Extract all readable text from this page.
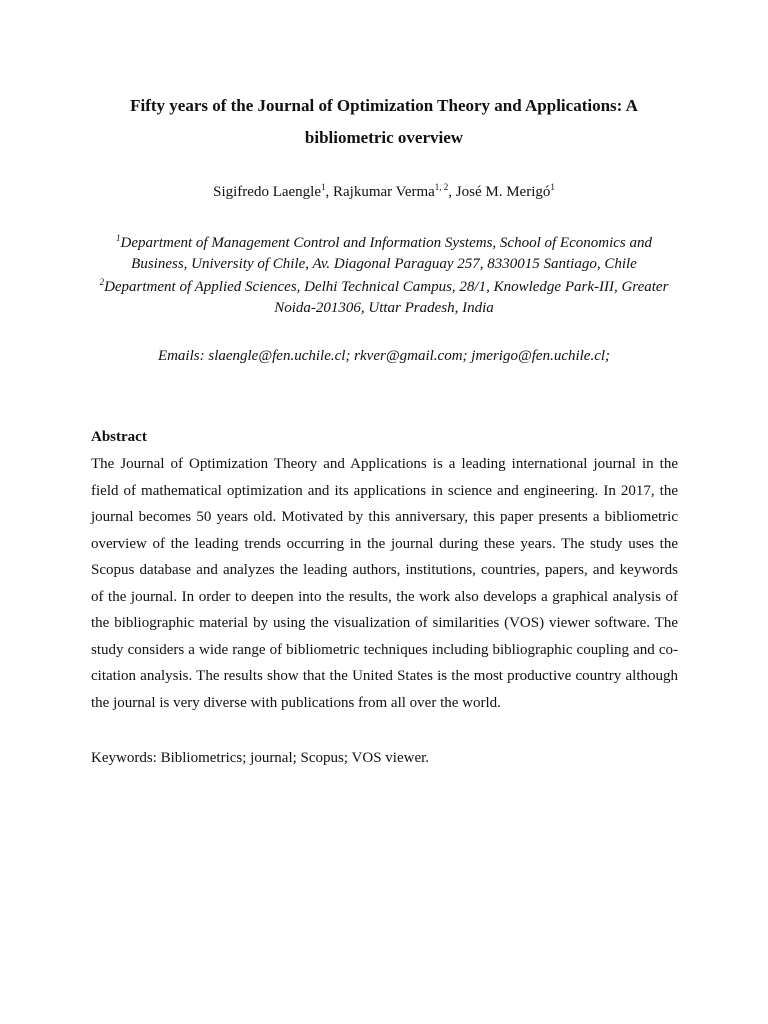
Fifty years of the Journal of Optimization Theory and Applications: A
bibliometric overview
Sigifredo Laengle$^1$, Rajkumar Verma$^{1, 2}$, José M. Merigó$^1$
$^1$Department of Management Control and Information Systems, School of Economics and
Business, University of Chile, Av. Diagonal Paraguay 257, 8330015 Santiago, Chile
$^2$Department of Applied Sciences, Delhi Technical Campus, 28/1, Knowledge Park-III, Greater
Noida-201306, Uttar Pradesh, India
Emails: slaengle@fen.uchile.cl; rkver@gmail.com; jmerigo@fen.uchile.cl;
Abstract
The Journal of Optimization Theory and Applications is a leading international journal in the
field of mathematical optimization and its applications in science and engineering. In 2017, the
journal becomes 50 years old. Motivated by this anniversary, this paper presents a bibliometric
overview of the leading trends occurring in the journal during these years. The study uses the
Scopus database and analyzes the leading authors, institutions, countries, papers, and keywords
of the journal. In order to deepen into the results, the work also develops a graphical analysis of
the bibliographic material by using the visualization of similarities (VOS) viewer software. The
study considers a wide range of bibliometric techniques including bibliographic coupling and co-
citation analysis. The results show that the United States is the most productive country although
the journal is very diverse with publications from all over the world.
Keywords: Bibliometrics; journal; Scopus; VOS viewer.
